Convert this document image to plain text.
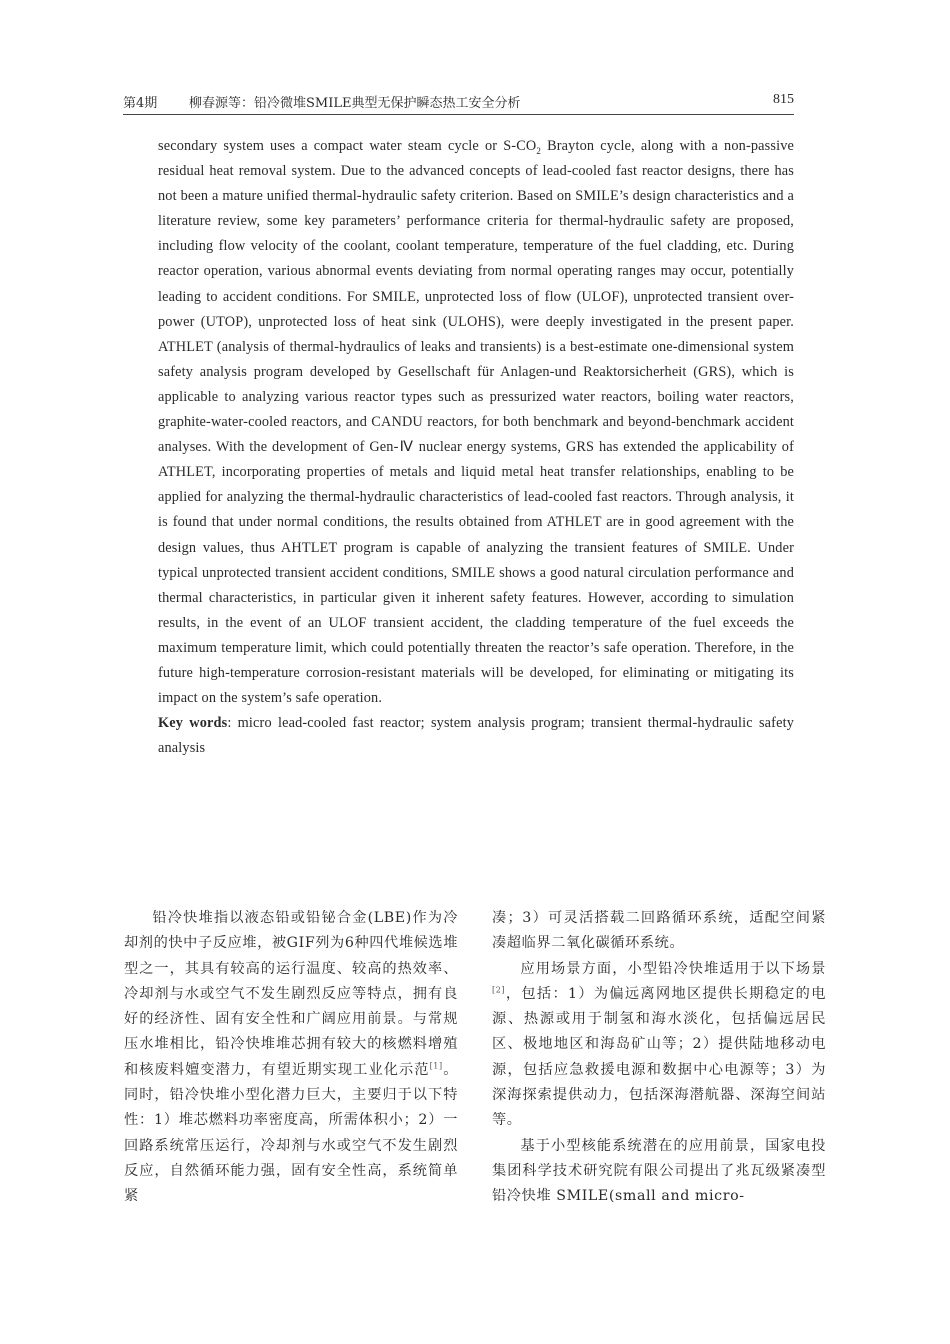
第4期 柳春源等：铅冷微堆SMILE典型无保护瞬态热工安全分析	815

secondary system uses a compact water steam cycle or $S-CO_2$ Brayton cycle, along with a non-passive residual heat removal system. Due to the advanced concepts of lead-cooled fast reactor designs, there has not been a mature unified thermal-hydraulic safety criterion. Based on SMILE’s design characteristics and a literature review, some key parameters’ performance criteria for thermal-hydraulic safety are proposed, including flow velocity of the coolant, coolant temperature, temperature of the fuel cladding, etc. During reactor operation, various abnormal events deviating from normal operating ranges may occur, potentially leading to accident conditions. For SMILE, unprotected loss of flow (ULOF), unprotected transient over-power (UTOP), unprotected loss of heat sink (ULOHS), were deeply investigated in the present paper. ATHLET (analysis of thermal-hydraulics of leaks and transients) is a best-estimate one-dimensional system safety analysis program developed by Gesellschaft für Anlagen-und Reaktorsicherheit (GRS), which is applicable to analyzing various reactor types such as pressurized water reactors, boiling water reactors, graphite-water-cooled reactors, and CANDU reactors, for both benchmark and beyond-benchmark accident analyses. With the development of Gen-Ⅳ nuclear energy systems, GRS has extended the applicability of ATHLET, incorporating properties of metals and liquid metal heat transfer relationships, enabling to be applied for analyzing the thermal-hydraulic characteristics of lead-cooled fast reactors. Through analysis, it is found that under normal conditions, the results obtained from ATHLET are in good agreement with the design values, thus AHTLET program is capable of analyzing the transient features of SMILE. Under typical unprotected transient accident conditions, SMILE shows a good natural circulation performance and thermal characteristics, in particular given it inherent safety features. However, according to simulation results, in the event of an ULOF transient accident, the cladding temperature of the fuel exceeds the maximum temperature limit, which could potentially threaten the reactor’s safe operation. Therefore, in the future high-temperature corrosion-resistant materials will be developed, for eliminating or mitigating its impact on the system’s safe operation.

Key words: micro lead-cooled fast reactor; system analysis program; transient thermal-hydraulic safety analysis

铅冷快堆指以液态铅或铅铋合金(LBE)作为冷却剂的快中子反应堆，被GIF列为6种四代堆候选堆型之一，其具有较高的运行温度、较高的热效率、冷却剂与水或空气不发生剧烈反应等特点，拥有良好的经济性、固有安全性和广阔应用前景。与常规压水堆相比，铅冷快堆堆芯拥有较大的核燃料增殖和核废料嬗变潜力，有望近期实现工业化示范[1]。同时，铅冷快堆小型化潜力巨大，主要归于以下特性：1）堆芯燃料功率密度高，所需体积小；2）一回路系统常压运行，冷却剂与水或空气不发生剧烈反应，自然循环能力强，固有安全性高，系统简单紧

凑；3）可灵活搭载二回路循环系统，适配空间紧凑超临界二氧化碳循环系统。

应用场景方面，小型铅冷快堆适用于以下场景[2]，包括：1）为偏远离网地区提供长期稳定的电源、热源或用于制氢和海水淡化，包括偏远居民区、极地地区和海岛矿山等；2）提供陆地移动电源，包括应急救援电源和数据中心电源等；3）为深海探索提供动力，包括深海潜航器、深海空间站等。

基于小型核能系统潜在的应用前景，国家电投集团科学技术研究院有限公司提出了兆瓦级紧凑型铅冷快堆 SMILE(small and micro-
